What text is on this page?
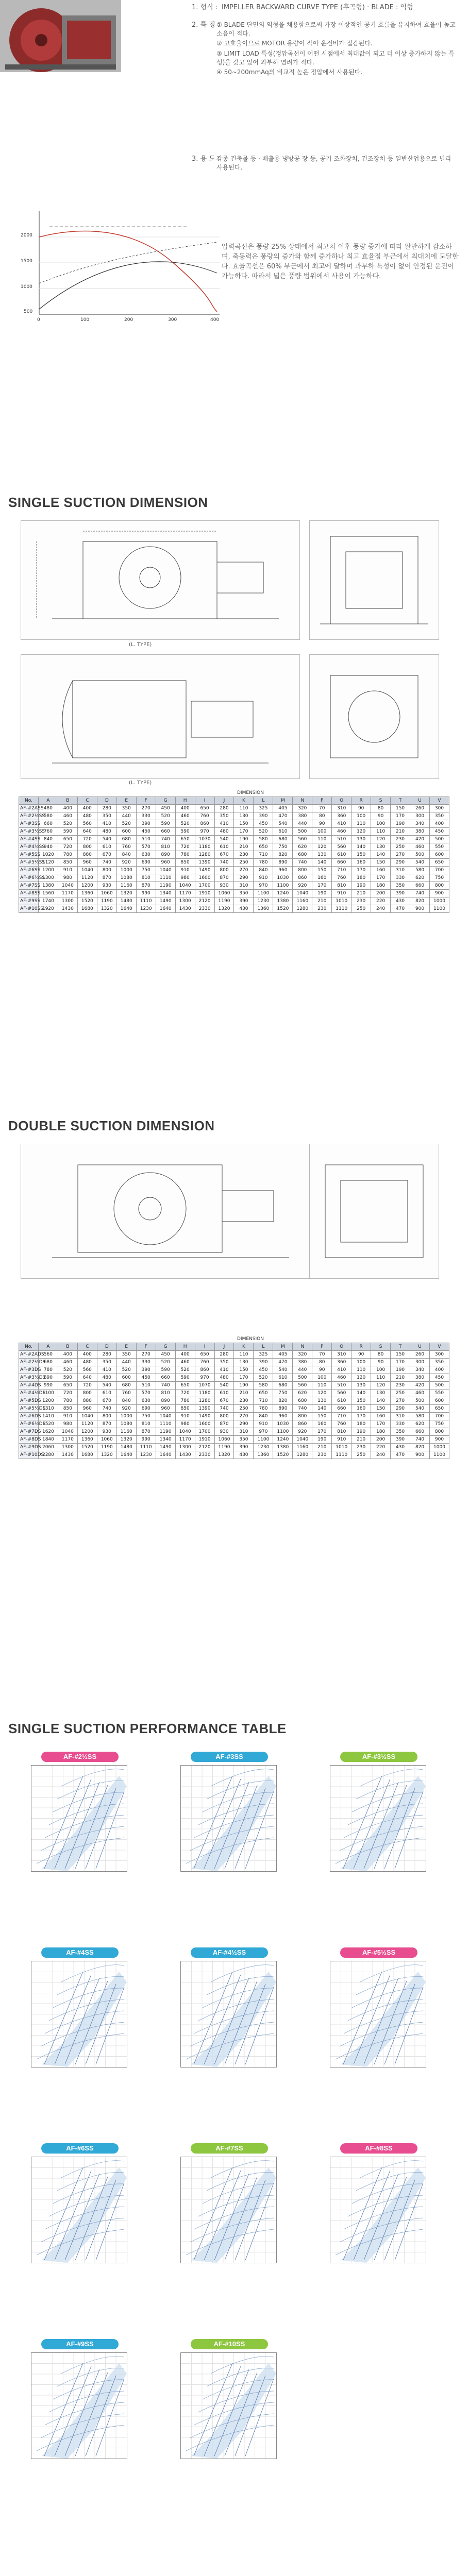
1. 형식 : IMPELLER BACKWARD CURVE TYPE (후곡형) · BLADE : 익형
2. 특 징 :
① BLADE 단면의 익형을 채용함으로써 가장 이상적인 공기 흐름을 유지하여 효율이 높고 소음이 적다.
② 고효율이므로 MOTOR 용량이 작아 운전비가 절감된다.
③ LIMIT LOAD 특성(정압곡선이 어떤 시점에서 최대값이 되고 더 이상 증가하지 않는 특성)을 갖고 있어 과부하 염려가 적다.
④ 50~200mmAq의 비교적 높은 정압에서 사용된다.
3. 용 도 :
각종 건축물 등 · 배출용 냉방공 장 등, 공기 조화장치, 건조장치 등 일반산업용으로 널리 사용된다.
2000
1500
1000
500
0	100	200	300	400
압력곡선은 풍량 25% 상태에서 최고치 이후 풍량 증가에 따라 완만하게 감소하며, 축동력은 풍량의 증가와 함께 증가하나 최고 효율점 부근에서 최대치에 도달한다. 효율곡선은 60% 부근에서 최고에 달하며 과부하 특성이 없어 안정된 운전이 가능하다. 따라서 넓은 풍량 범위에서 사용이 가능하다.
SINGLE SUCTION DIMENSION
(L. TYPE)
(L. TYPE)
DIMENSION
No.	A	B	C	D	E	F	G	H	I	J	K	L	M	N	P	Q	R	S	T	U	V
AF-#2ASS	480	400	400	280	350	270	450	400	650	280	110	325	405	320	70	310	90	80	150	260	300
AF-#2½SS	580	460	480	350	440	330	520	460	760	350	130	390	470	380	80	360	100	90	170	300	350
AF-#3SS	660	520	560	410	520	390	590	520	860	410	150	450	540	440	90	410	110	100	190	340	400
AF-#3½SS	760	590	640	480	600	450	660	590	970	480	170	520	610	500	100	460	120	110	210	380	450
AF-#4SS	840	650	720	540	680	510	740	650	1070	540	190	580	680	560	110	510	130	120	230	420	500
AF-#4½SS	940	720	800	610	760	570	810	720	1180	610	210	650	750	620	120	560	140	130	250	460	550
AF-#5SS	1020	780	880	670	840	630	890	780	1280	670	230	710	820	680	130	610	150	140	270	500	600
AF-#5½SS	1120	850	960	740	920	690	960	850	1390	740	250	780	890	740	140	660	160	150	290	540	650
AF-#6SS	1200	910	1040	800	1000	750	1040	910	1490	800	270	840	960	800	150	710	170	160	310	580	700
AF-#6½SS	1300	980	1120	870	1080	810	1110	980	1600	870	290	910	1030	860	160	760	180	170	330	620	750
AF-#7SS	1380	1040	1200	930	1160	870	1190	1040	1700	930	310	970	1100	920	170	810	190	180	350	660	800
AF-#8SS	1560	1170	1360	1060	1320	990	1340	1170	1910	1060	350	1100	1240	1040	190	910	210	200	390	740	900
AF-#9SS	1740	1300	1520	1190	1480	1110	1490	1300	2120	1190	390	1230	1380	1160	210	1010	230	220	430	820	1000
AF-#10SS	1920	1430	1680	1320	1640	1230	1640	1430	2330	1320	430	1360	1520	1280	230	1110	250	240	470	900	1100
DOUBLE SUCTION DIMENSION
DIMENSION
No.	A	B	C	D	E	F	G	H	I	J	K	L	M	N	P	Q	R	S	T	U	V
AF-#2ADS	560	400	400	280	350	270	450	400	650	280	110	325	405	320	70	310	90	80	150	260	300
AF-#2½DS	680	460	480	350	440	330	520	460	760	350	130	390	470	380	80	360	100	90	170	300	350
AF-#3DS	780	520	560	410	520	390	590	520	860	410	150	450	540	440	90	410	110	100	190	340	400
AF-#3½DS	890	590	640	480	600	450	660	590	970	480	170	520	610	500	100	460	120	110	210	380	450
AF-#4DS	990	650	720	540	680	510	740	650	1070	540	190	580	680	560	110	510	130	120	230	420	500
AF-#4½DS	1100	720	800	610	760	570	810	720	1180	610	210	650	750	620	120	560	140	130	250	460	550
AF-#5DS	1200	780	880	670	840	630	890	780	1280	670	230	710	820	680	130	610	150	140	270	500	600
AF-#5½DS	1310	850	960	740	920	690	960	850	1390	740	250	780	890	740	140	660	160	150	290	540	650
AF-#6DS	1410	910	1040	800	1000	750	1040	910	1490	800	270	840	960	800	150	710	170	160	310	580	700
AF-#6½DS	1520	980	1120	870	1080	810	1110	980	1600	870	290	910	1030	860	160	760	180	170	330	620	750
AF-#7DS	1620	1040	1200	930	1160	870	1190	1040	1700	930	310	970	1100	920	170	810	190	180	350	660	800
AF-#8DS	1840	1170	1360	1060	1320	990	1340	1170	1910	1060	350	1100	1240	1040	190	910	210	200	390	740	900
AF-#9DS	2060	1300	1520	1190	1480	1110	1490	1300	2120	1190	390	1230	1380	1160	210	1010	230	220	430	820	1000
AF-#10DS	2280	1430	1680	1320	1640	1230	1640	1430	2330	1320	430	1360	1520	1280	230	1110	250	240	470	900	1100
SINGLE SUCTION PERFORMANCE TABLE
AF-#2½SS	AF-#3SS	AF-#3½SS
AF-#4SS	AF-#4½SS	AF-#5½SS
AF-#6SS	AF-#7SS	AF-#8SS
AF-#9SS	AF-#10SS
